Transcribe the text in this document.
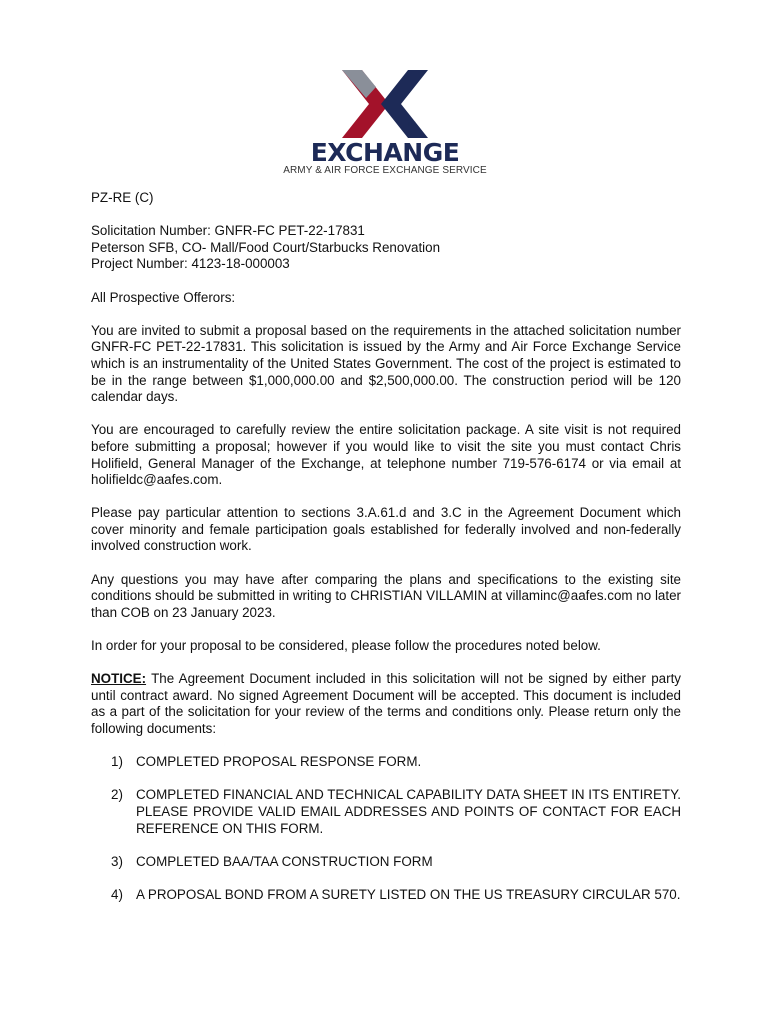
TM
EXCHANGE
ARMY & AIR FORCE EXCHANGE SERVICE

PZ-RE (C)

Solicitation Number: GNFR-FC PET-22-17831

Peterson SFB, CO- Mall/Food Court/Starbucks Renovation

Project Number: 4123-18-000003

All Prospective Offerors:

You are invited to submit a proposal based on the requirements in the attached solicitation number GNFR-FC PET-22-17831. This solicitation is issued by the Army and Air Force Exchange Service which is an instrumentality of the United States Government. The cost of the project is estimated to be in the range between $1,000,000.00 and $2,500,000.00. The construction period will be 120 calendar days.

You are encouraged to carefully review the entire solicitation package. A site visit is not required before submitting a proposal; however if you would like to visit the site you must contact Chris Holifield, General Manager of the Exchange, at telephone number 719-576-6174 or via email at holifieldc@aafes.com.

Please pay particular attention to sections 3.A.61.d and 3.C in the Agreement Document which cover minority and female participation goals established for federally involved and non-federally involved construction work.

Any questions you may have after comparing the plans and specifications to the existing site conditions should be submitted in writing to CHRISTIAN VILLAMIN at villaminc@aafes.com no later than COB on 23 January 2023.

In order for your proposal to be considered, please follow the procedures noted below.

NOTICE: The Agreement Document included in this solicitation will not be signed by either party until contract award. No signed Agreement Document will be accepted. This document is included as a part of the solicitation for your review of the terms and conditions only. Please return only the following documents:

1) COMPLETED PROPOSAL RESPONSE FORM.
2) COMPLETED FINANCIAL AND TECHNICAL CAPABILITY DATA SHEET IN ITS ENTIRETY. PLEASE PROVIDE VALID EMAIL ADDRESSES AND POINTS OF CONTACT FOR EACH REFERENCE ON THIS FORM.
3) COMPLETED BAA/TAA CONSTRUCTION FORM
4) A PROPOSAL BOND FROM A SURETY LISTED ON THE US TREASURY CIRCULAR 570.
